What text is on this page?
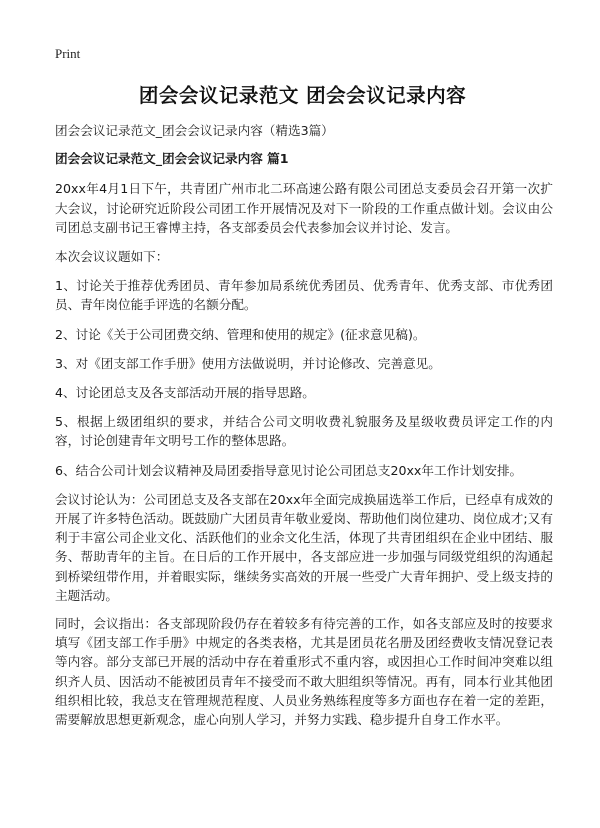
Print
团会会议记录范文 团会会议记录内容

团会会议记录范文_团会会议记录内容（精选3篇）

团会会议记录范文_团会会议记录内容 篇1

20xx年4月1日下午，共青团广州市北二环高速公路有限公司团总支委员会召开第一次扩大会议，讨论研究近阶段公司团工作开展情况及对下一阶段的工作重点做计划。会议由公司团总支副书记王睿博主持，各支部委员会代表参加会议并讨论、发言。

本次会议议题如下：

1、讨论关于推荐优秀团员、青年参加局系统优秀团员、优秀青年、优秀支部、市优秀团员、青年岗位能手评选的名额分配。

2、讨论《关于公司团费交纳、管理和使用的规定》(征求意见稿)。

3、对《团支部工作手册》使用方法做说明，并讨论修改、完善意见。

4、讨论团总支及各支部活动开展的指导思路。

5、根据上级团组织的要求，并结合公司文明收费礼貌服务及星级收费员评定工作的内容，讨论创建青年文明号工作的整体思路。

6、结合公司计划会议精神及局团委指导意见讨论公司团总支20xx年工作计划安排。

会议讨论认为：公司团总支及各支部在20xx年全面完成换届选举工作后，已经卓有成效的开展了许多特色活动。既鼓励广大团员青年敬业爱岗、帮助他们岗位建功、岗位成才;又有利于丰富公司企业文化、活跃他们的业余文化生活，体现了共青团组织在企业中团结、服务、帮助青年的主旨。在日后的工作开展中，各支部应进一步加强与同级党组织的沟通起到桥梁纽带作用，并着眼实际，继续务实高效的开展一些受广大青年拥护、受上级支持的主题活动。

同时，会议指出：各支部现阶段仍存在着较多有待完善的工作，如各支部应及时的按要求填写《团支部工作手册》中规定的各类表格，尤其是团员花名册及团经费收支情况登记表等内容。部分支部已开展的活动中存在着重形式不重内容，或因担心工作时间冲突难以组织齐人员、因活动不能被团员青年不接受而不敢大胆组织等情况。再有，同本行业其他团组织相比较，我总支在管理规范程度、人员业务熟练程度等多方面也存在着一定的差距，需要解放思想更新观念，虚心向别人学习，并努力实践、稳步提升自身工作水平。
